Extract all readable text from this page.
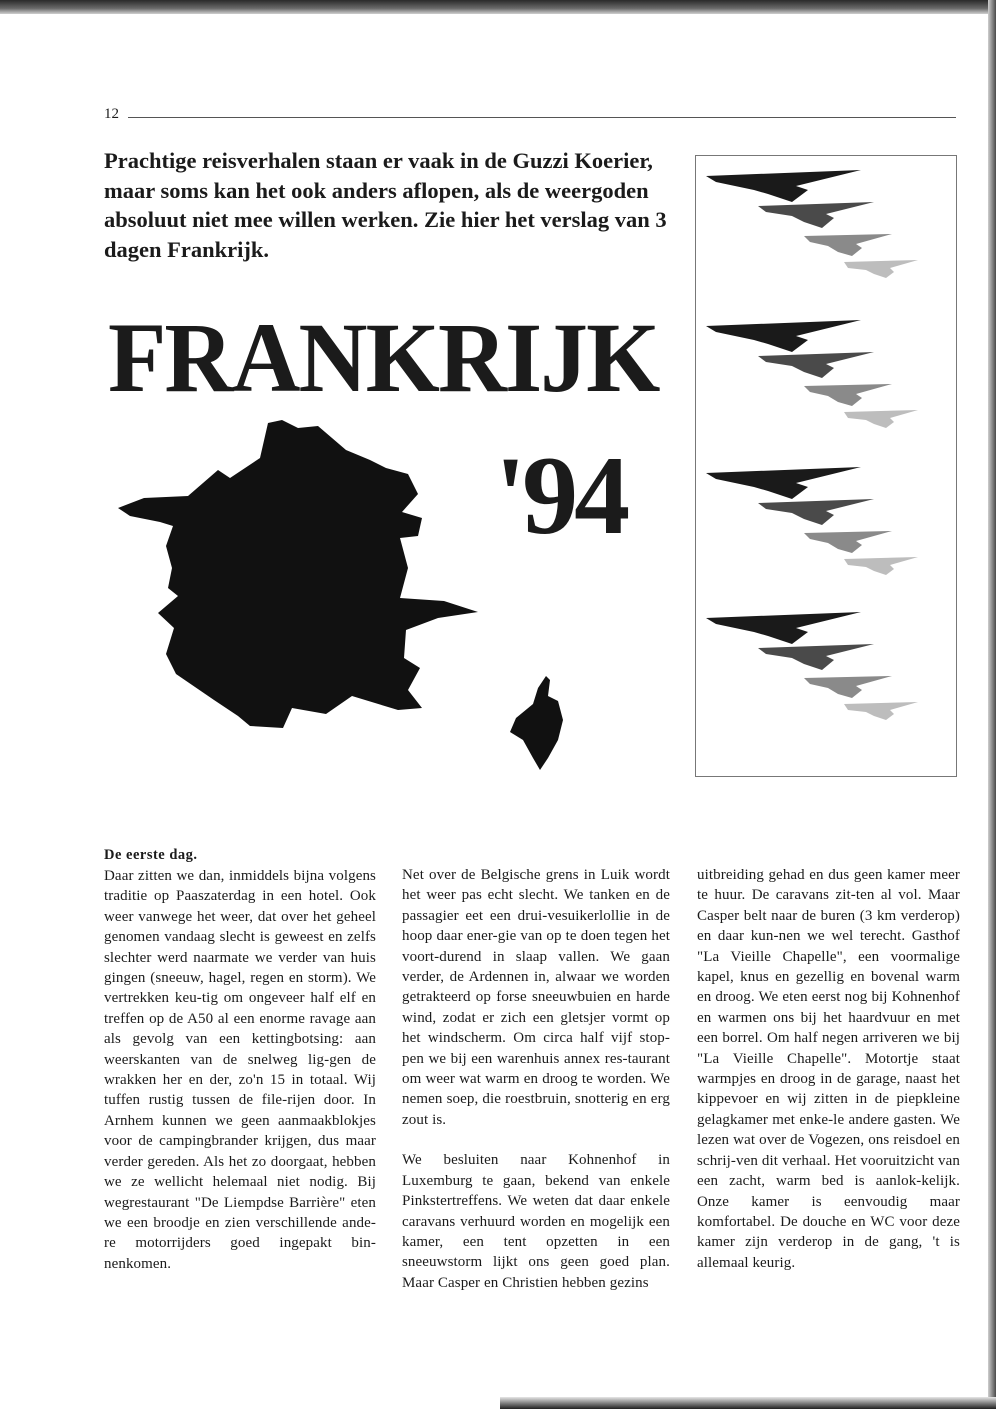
12

Prachtige reisverhalen staan er vaak in de Guzzi Koerier, maar soms kan het ook anders aflopen, als de weergoden absoluut niet mee willen werken. Zie hier het verslag van 3 dagen Frankrijk.

FRANKRIJK
'94
De eerste dag.

Daar zitten we dan, inmiddels bijna volgens traditie op Paaszaterdag in een hotel. Ook weer vanwege het weer, dat over het geheel genomen vandaag slecht is geweest en zelfs slechter werd naarmate we verder van huis gingen (sneeuw, hagel, regen en storm). We vertrekken keu-tig om ongeveer half elf en treffen op de A50 al een enorme ravage aan als gevolg van een kettingbotsing: aan weerskanten van de snelweg lig-gen de wrakken her en der, zo'n 15 in totaal. Wij tuffen rustig tussen de file-rijen door. In Arnhem kunnen we geen aanmaakblokjes voor de campingbrander krijgen, dus maar verder gereden. Als het zo doorgaat, hebben we ze wellicht helemaal niet nodig. Bij wegrestaurant "De Liempdse Barrière" eten we een broodje en zien verschillende ande-re motorrijders goed ingepakt bin-nenkomen.

Net over de Belgische grens in Luik wordt het weer pas echt slecht. We tanken en de passagier eet een drui-vesuikerlollie in de hoop daar ener-gie van op te doen tegen het voort-durend in slaap vallen. We gaan verder, de Ardennen in, alwaar we worden getrakteerd op forse sneeuwbuien en harde wind, zodat er zich een gletsjer vormt op het windscherm. Om circa half vijf stop-pen we bij een warenhuis annex res-taurant om weer wat warm en droog te worden. We nemen soep, die roestbruin, snotterig en erg zout is.

We besluiten naar Kohnenhof in Luxemburg te gaan, bekend van enkele Pinkstertreffens. We weten dat daar enkele caravans verhuurd worden en mogelijk een kamer, een tent opzetten in een sneeuwstorm lijkt ons geen goed plan. Maar Casper en Christien hebben gezins

uitbreiding gehad en dus geen kamer meer te huur. De caravans zit-ten al vol. Maar Casper belt naar de buren (3 km verderop) en daar kun-nen we wel terecht. Gasthof "La Vieille Chapelle", een voormalige kapel, knus en gezellig en bovenal warm en droog. We eten eerst nog bij Kohnenhof en warmen ons bij het haardvuur en met een borrel. Om half negen arriveren we bij "La Vieille Chapelle". Motortje staat warmpjes en droog in de garage, naast het kippevoer en wij zitten in de piepkleine gelagkamer met enke-le andere gasten. We lezen wat over de Vogezen, ons reisdoel en schrij-ven dit verhaal. Het vooruitzicht van een zacht, warm bed is aanlok-kelijk. Onze kamer is eenvoudig maar komfortabel. De douche en WC voor deze kamer zijn verderop in de gang, 't is allemaal keurig.
